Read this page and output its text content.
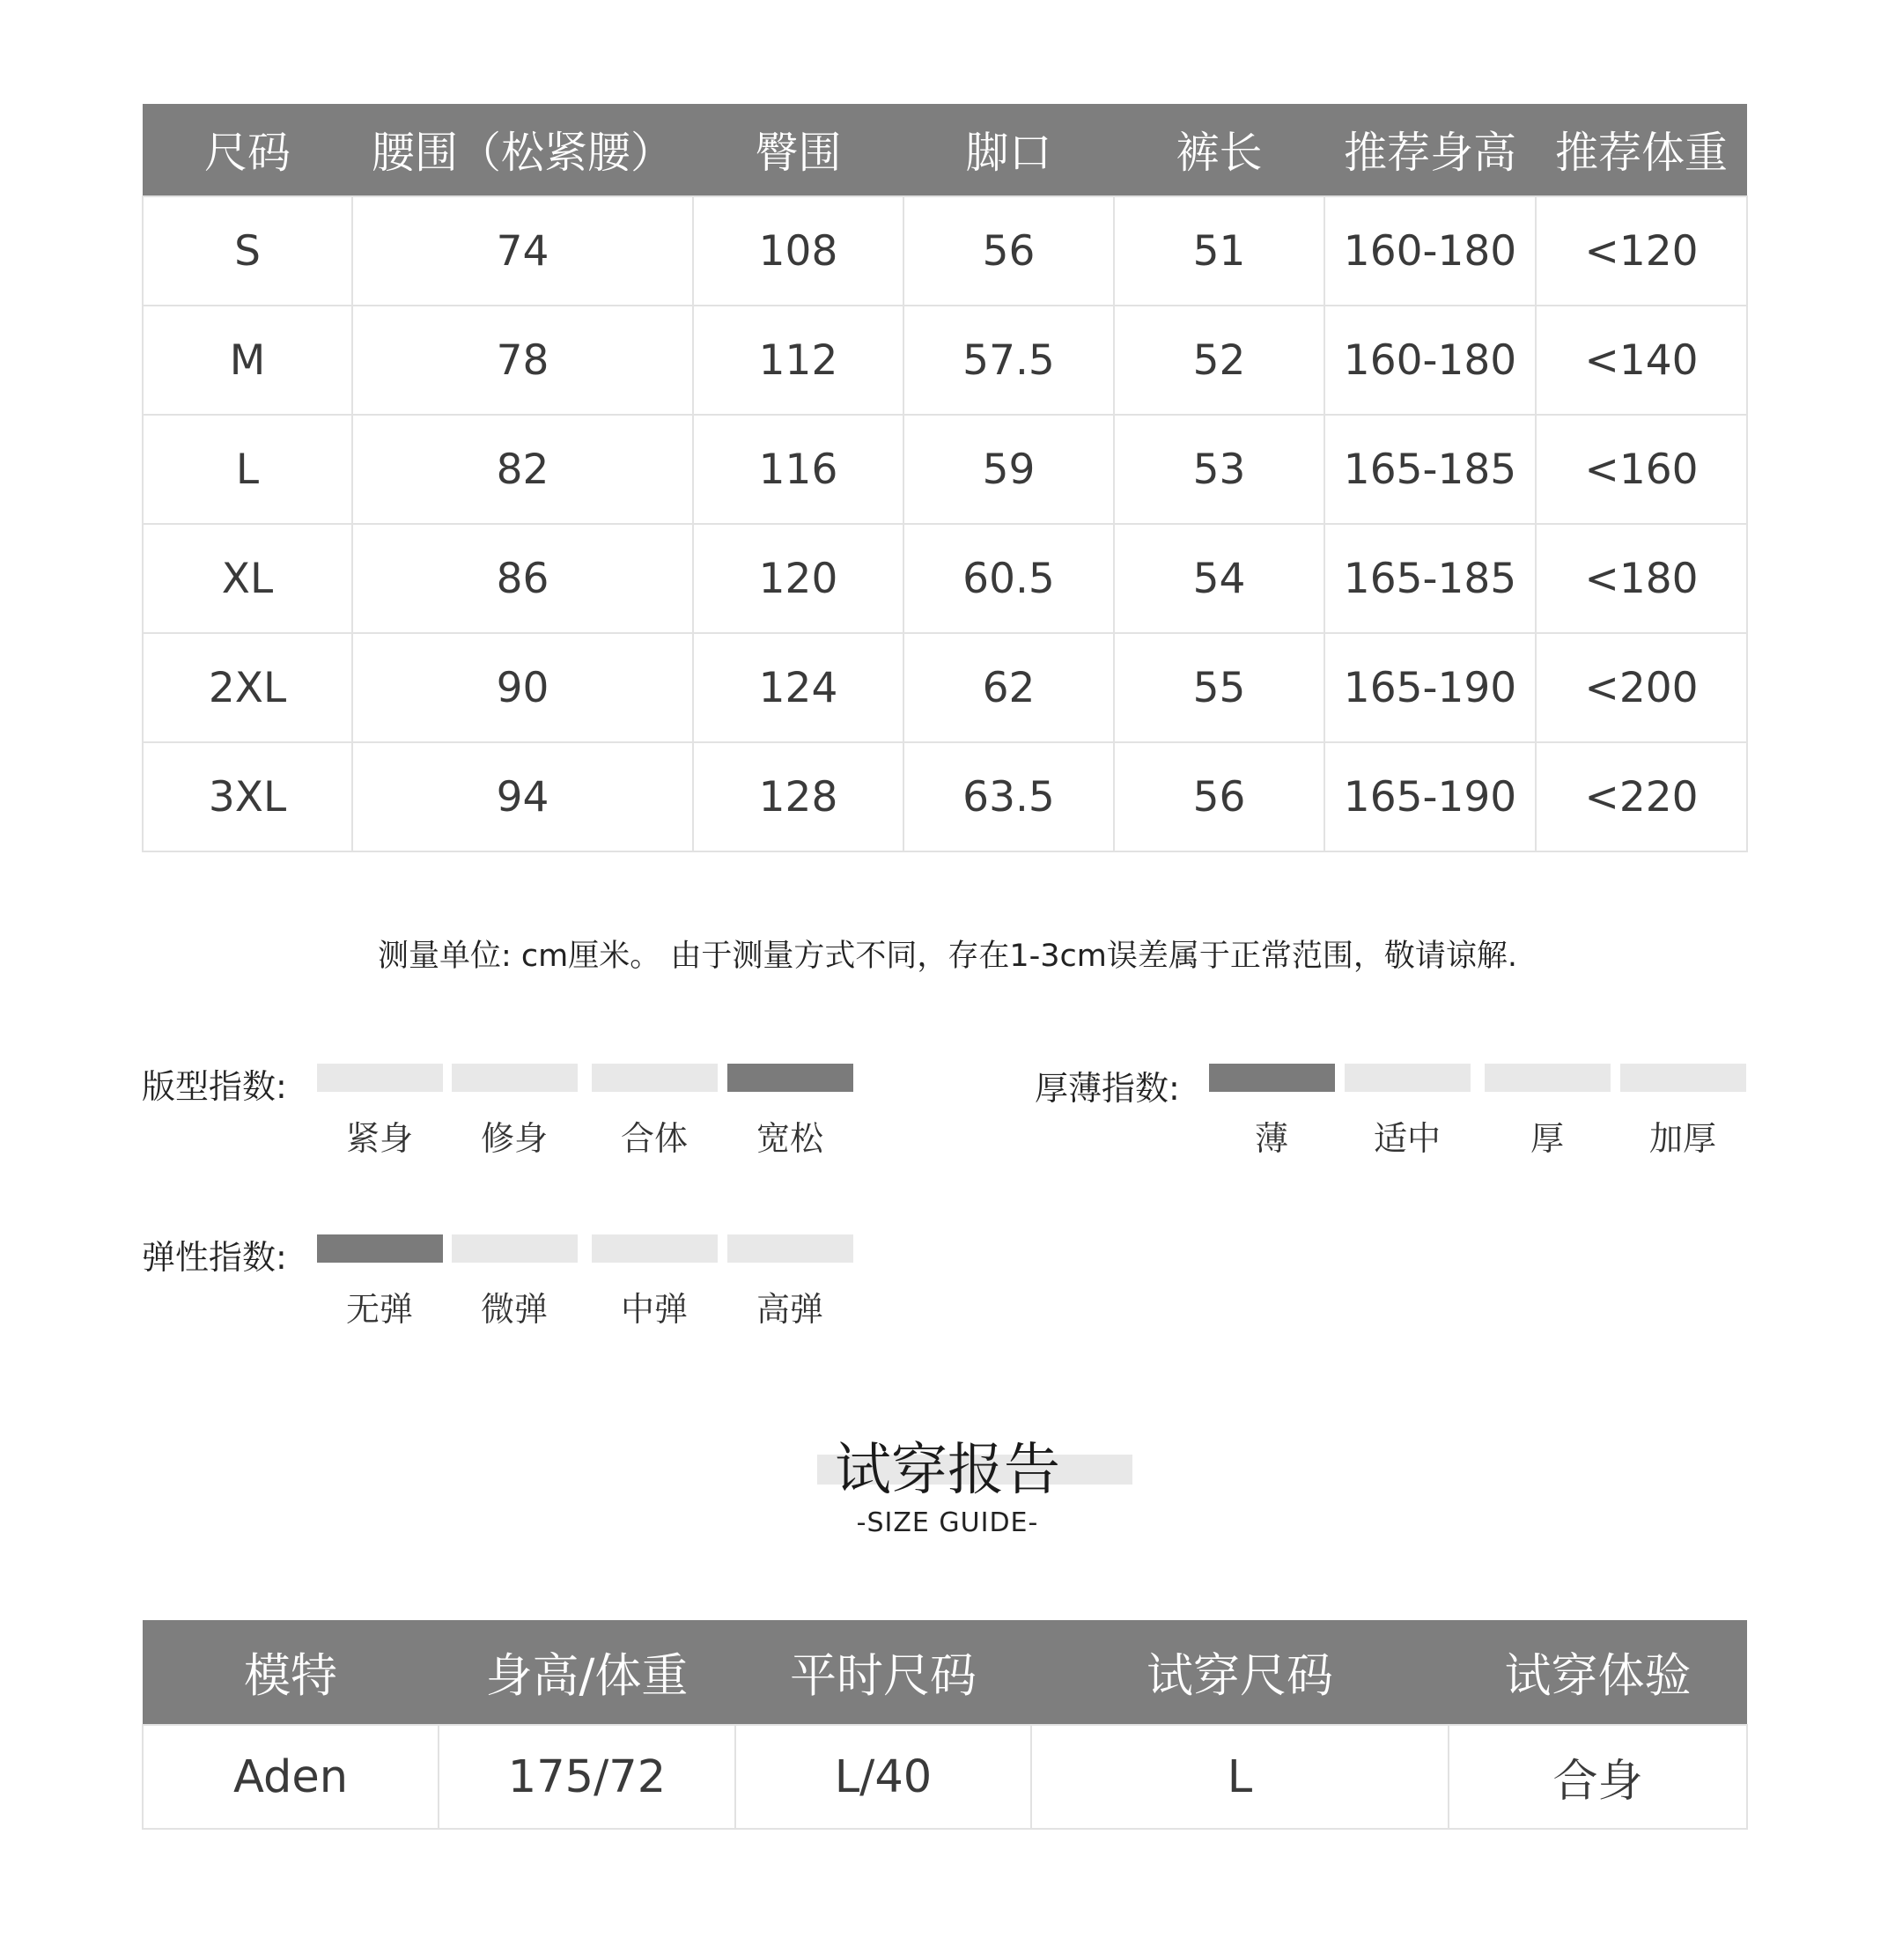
尺码	腰围（松紧腰）	臀围	脚口	裤长	推荐身高	推荐体重
S	74	108	56	51	160-180	<120
M	78	112	57.5	52	160-180	<140
L	82	116	59	53	165-185	<160
XL	86	120	60.5	54	165-185	<180
2XL	90	124	62	55	165-190	<200
3XL	94	128	63.5	56	165-190	<220
测量单位: cm厘米。 由于测量方式不同，存在1-3cm误差属于正常范围，敬请谅解.
版型指数:	厚薄指数:
弹性指数:
试穿报告
-SIZE GUIDE-
模特	身高/体重	平时尺码	试穿尺码	试穿体验
Aden	175/72	L/40	L	合身
紧身	修身	合体	宽松	薄	适中	厚	加厚
无弹	微弹	中弹	高弹
